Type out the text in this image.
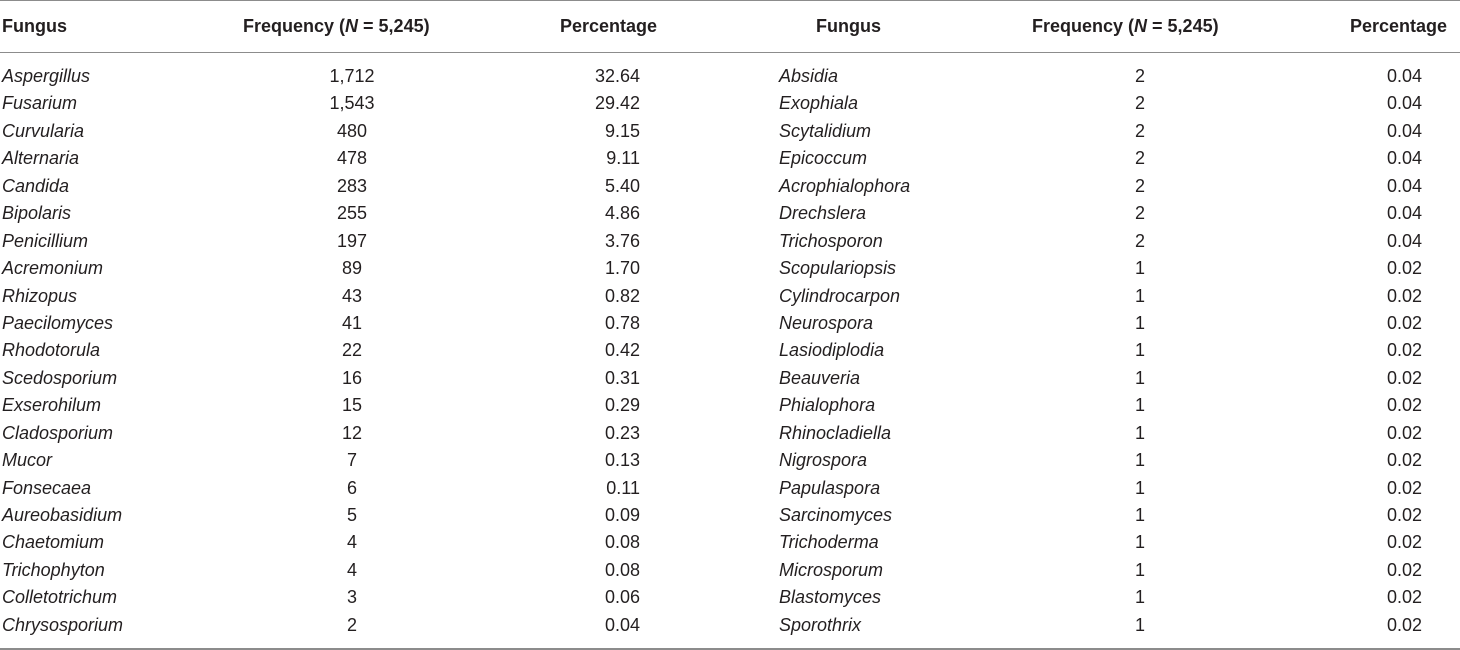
Fungus	Frequency (N = 5,245)	Percentage	Fungus	Frequency (N = 5,245)	Percentage
Aspergillus	1,712	32.64	Absidia	2	0.04
Fusarium	1,543	29.42	Exophiala	2	0.04
Curvularia	480	9.15	Scytalidium	2	0.04
Alternaria	478	9.11	Epicoccum	2	0.04
Candida	283	5.40	Acrophialophora	2	0.04
Bipolaris	255	4.86	Drechslera	2	0.04
Penicillium	197	3.76	Trichosporon	2	0.04
Acremonium	89	1.70	Scopulariopsis	1	0.02
Rhizopus	43	0.82	Cylindrocarpon	1	0.02
Paecilomyces	41	0.78	Neurospora	1	0.02
Rhodotorula	22	0.42	Lasiodiplodia	1	0.02
Scedosporium	16	0.31	Beauveria	1	0.02
Exserohilum	15	0.29	Phialophora	1	0.02
Cladosporium	12	0.23	Rhinocladiella	1	0.02
Mucor	7	0.13	Nigrospora	1	0.02
Fonsecaea	6	0.11	Papulaspora	1	0.02
Aureobasidium	5	0.09	Sarcinomyces	1	0.02
Chaetomium	4	0.08	Trichoderma	1	0.02
Trichophyton	4	0.08	Microsporum	1	0.02
Colletotrichum	3	0.06	Blastomyces	1	0.02
Chrysosporium	2	0.04	Sporothrix	1	0.02
